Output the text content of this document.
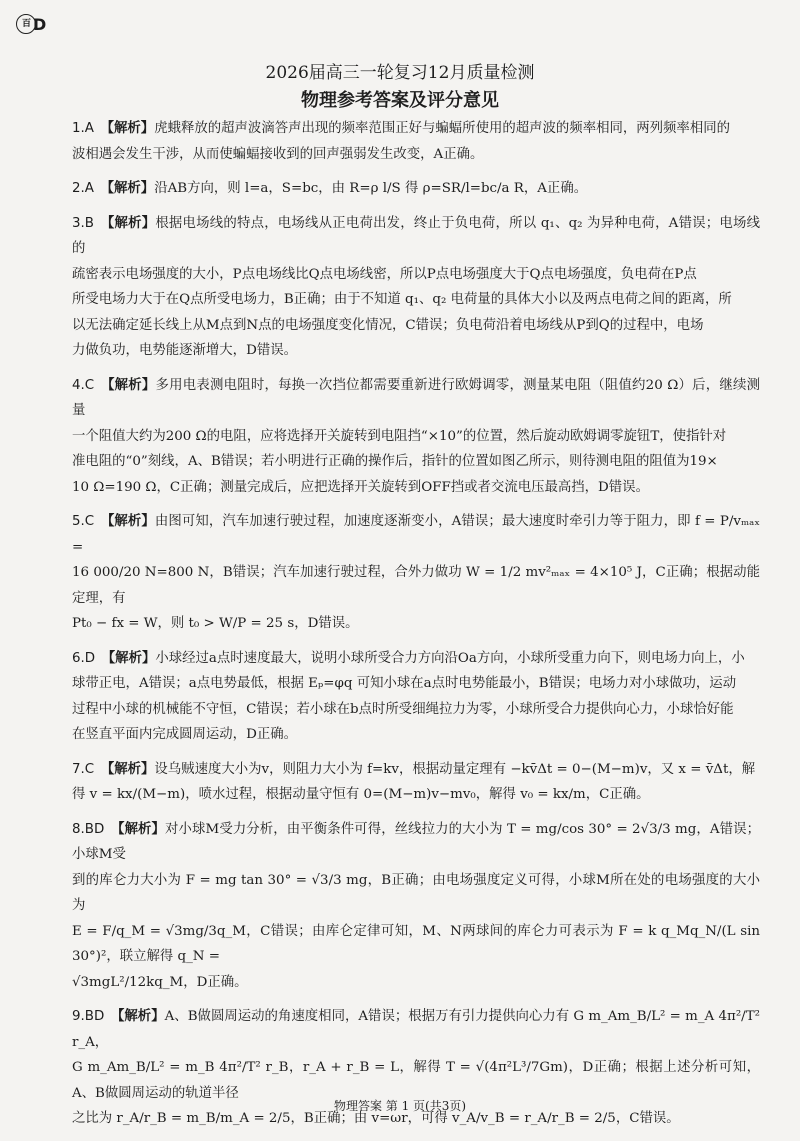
百 D
2026届高三一轮复习12月质量检测
物理参考答案及评分意见

1.A  【解析】虎蛾释放的超声波滴答声出现的频率范围正好与蝙蝠所使用的超声波的频率相同，两列频率相同的

波相遇会发生干涉，从而使蝙蝠接收到的回声强弱发生改变，A正确。

2.A  【解析】沿AB方向，则 l=a，S=bc，由 R=ρ l/S 得 ρ=SR/l=bc/a R，A正确。

3.B  【解析】根据电场线的特点，电场线从正电荷出发，终止于负电荷，所以 q₁、q₂ 为异种电荷，A错误；电场线的

疏密表示电场强度的大小，P点电场线比Q点电场线密，所以P点电场强度大于Q点电场强度，负电荷在P点

所受电场力大于在Q点所受电场力，B正确；由于不知道 q₁、q₂ 电荷量的具体大小以及两点电荷之间的距离，所

以无法确定延长线上从M点到N点的电场强度变化情况，C错误；负电荷沿着电场线从P到Q的过程中，电场

力做负功，电势能逐渐增大，D错误。

4.C  【解析】多用电表测电阻时，每换一次挡位都需要重新进行欧姆调零，测量某电阻（阻值约20 Ω）后，继续测量

一个阻值大约为200 Ω的电阻，应将选择开关旋转到电阻挡“×10”的位置，然后旋动欧姆调零旋钮T，使指针对

准电阻的“0”刻线，A、B错误；若小明进行正确的操作后，指针的位置如图乙所示，则待测电阻的阻值为19×

10 Ω=190 Ω，C正确；测量完成后，应把选择开关旋转到OFF挡或者交流电压最高挡，D错误。

5.C  【解析】由图可知，汽车加速行驶过程，加速度逐渐变小，A错误；最大速度时牵引力等于阻力，即 f = P/vₘₐₓ =

16 000/20 N=800 N，B错误；汽车加速行驶过程，合外力做功 W = 1/2 mv²ₘₐₓ = 4×10⁵ J，C正确；根据动能定理，有

Pt₀ − fx = W，则 t₀ > W/P = 25 s，D错误。

6.D  【解析】小球经过a点时速度最大，说明小球所受合力方向沿Oa方向，小球所受重力向下，则电场力向上，小

球带正电，A错误；a点电势最低，根据 Eₚ=φq 可知小球在a点时电势能最小，B错误；电场力对小球做功，运动

过程中小球的机械能不守恒，C错误；若小球在b点时所受细绳拉力为零，小球所受合力提供向心力，小球恰好能

在竖直平面内完成圆周运动，D正确。

7.C  【解析】设乌贼速度大小为v，则阻力大小为 f=kv，根据动量定理有 −kv̄Δt = 0−(M−m)v，又 x = v̄Δt，解

得 v = kx/(M−m)，喷水过程，根据动量守恒有 0=(M−m)v−mv₀，解得 v₀ = kx/m，C正确。

8.BD  【解析】对小球M受力分析，由平衡条件可得，丝线拉力的大小为 T = mg/cos 30° = 2√3/3 mg，A错误；小球M受

到的库仑力大小为 F = mg tan 30° = √3/3 mg，B正确；由电场强度定义可得，小球M所在处的电场强度的大小为

E = F/q_M = √3mg/3q_M，C错误；由库仑定律可知，M、N两球间的库仑力可表示为 F = k q_Mq_N/(L sin 30°)²，联立解得 q_N =

√3mgL²/12kq_M，D正确。

9.BD  【解析】A、B做圆周运动的角速度相同，A错误；根据万有引力提供向心力有 G m_Am_B/L² = m_A 4π²/T² r_A，

G m_Am_B/L² = m_B 4π²/T² r_B，r_A + r_B = L，解得 T = √(4π²L³/7Gm)，D正确；根据上述分析可知，A、B做圆周运动的轨道半径

之比为 r_A/r_B = m_B/m_A = 2/5，B正确；由 v=ωr，可得 v_A/v_B = r_A/r_B = 2/5，C错误。

物理答案 第 1 页(共3页)
